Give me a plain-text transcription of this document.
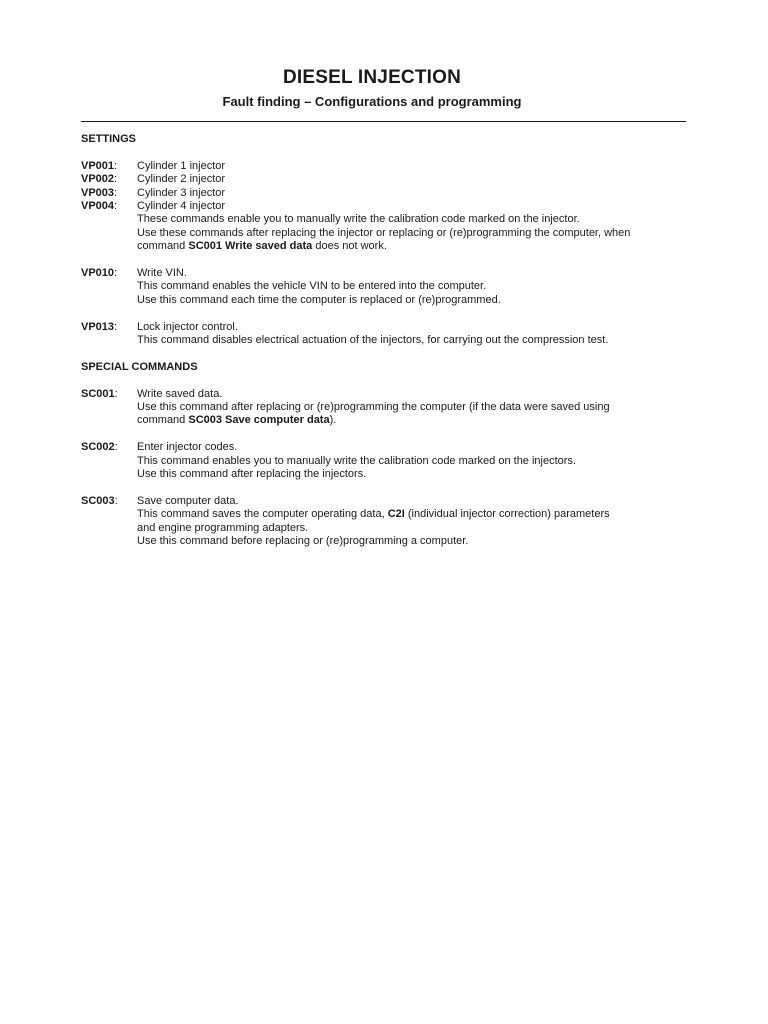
DIESEL INJECTION
Fault finding – Configurations and programming

SETTINGS

VP001:	Cylinder 1 injector
VP002:	Cylinder 2 injector
VP003:	Cylinder 3 injector
VP004:	Cylinder 4 injector
These commands enable you to manually write the calibration code marked on the injector.
Use these commands after replacing the injector or replacing or (re)programming the computer, when
command SC001 Write saved data does not work.
VP010:	Write VIN.
This command enables the vehicle VIN to be entered into the computer.
Use this command each time the computer is replaced or (re)programmed.
VP013:	Lock injector control.
This command disables electrical actuation of the injectors, for carrying out the compression test.

SPECIAL COMMANDS

SC001:	Write saved data.
Use this command after replacing or (re)programming the computer (if the data were saved using
command SC003 Save computer data).
SC002:	Enter injector codes.
This command enables you to manually write the calibration code marked on the injectors.
Use this command after replacing the injectors.
SC003:	Save computer data.
This command saves the computer operating data, C2I (individual injector correction) parameters
and engine programming adapters.
Use this command before replacing or (re)programming a computer.
